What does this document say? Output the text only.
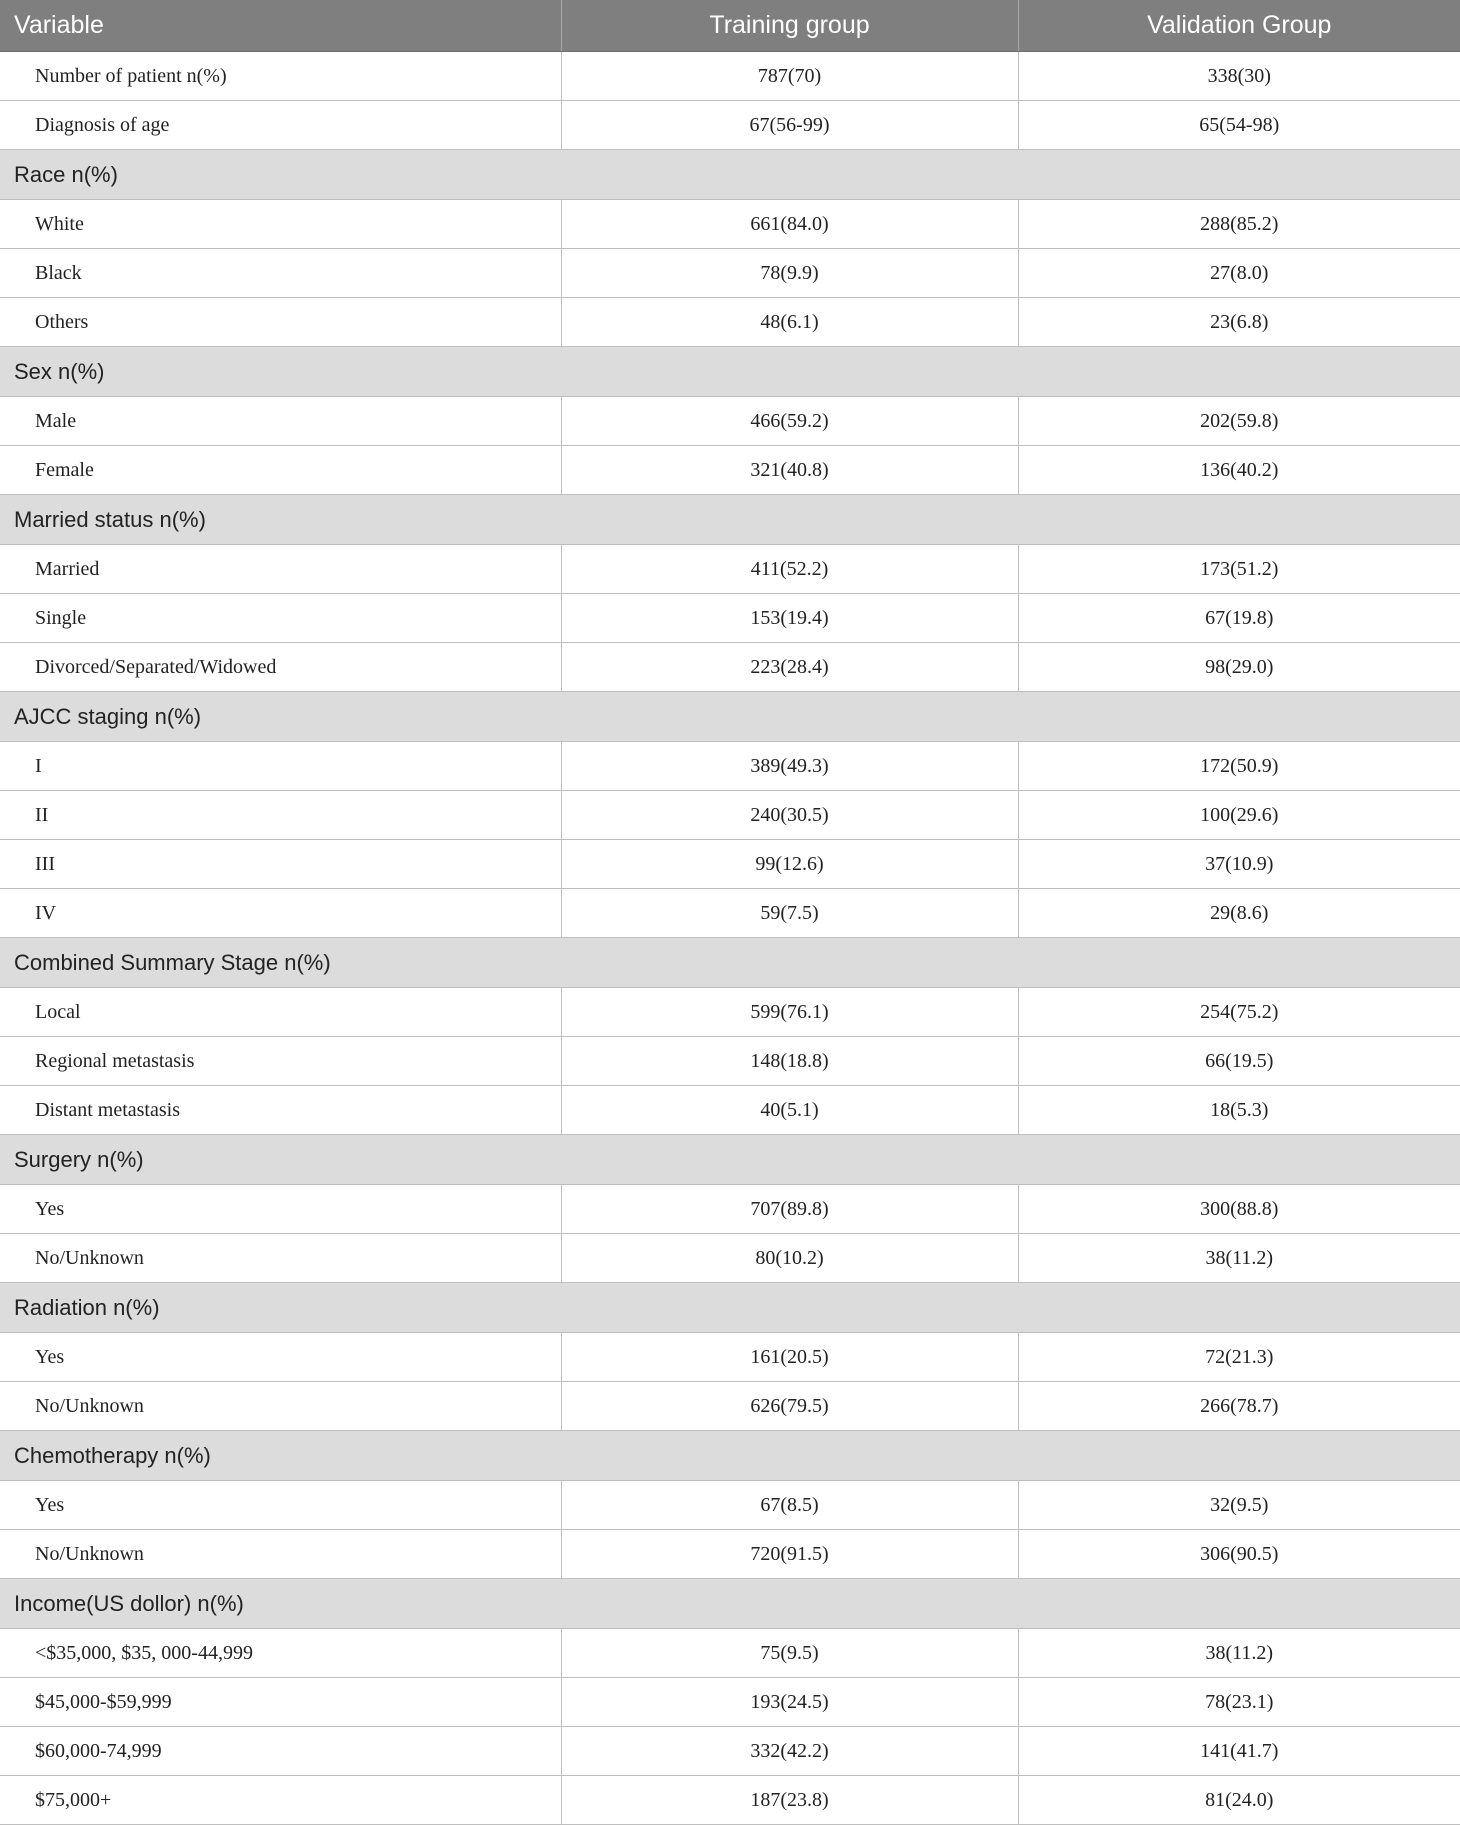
Variable	Training group	Validation Group
Number of patient n(%)	787(70)	338(30)
Diagnosis of age	67(56-99)	65(54-98)
Race n(%)		
White	661(84.0)	288(85.2)
Black	78(9.9)	27(8.0)
Others	48(6.1)	23(6.8)
Sex n(%)		
Male	466(59.2)	202(59.8)
Female	321(40.8)	136(40.2)
Married status n(%)		
Married	411(52.2)	173(51.2)
Single	153(19.4)	67(19.8)
Divorced/Separated/Widowed	223(28.4)	98(29.0)
AJCC staging n(%)		
I	389(49.3)	172(50.9)
II	240(30.5)	100(29.6)
III	99(12.6)	37(10.9)
IV	59(7.5)	29(8.6)
Combined Summary Stage n(%)		
Local	599(76.1)	254(75.2)
Regional metastasis	148(18.8)	66(19.5)
Distant metastasis	40(5.1)	18(5.3)
Surgery n(%)		
Yes	707(89.8)	300(88.8)
No/Unknown	80(10.2)	38(11.2)
Radiation n(%)		
Yes	161(20.5)	72(21.3)
No/Unknown	626(79.5)	266(78.7)
Chemotherapy n(%)		
Yes	67(8.5)	32(9.5)
No/Unknown	720(91.5)	306(90.5)
Income(US dollor) n(%)		
<$35,000, $35, 000-44,999	75(9.5)	38(11.2)
$45,000-$59,999	193(24.5)	78(23.1)
$60,000-74,999	332(42.2)	141(41.7)
$75,000+	187(23.8)	81(24.0)
